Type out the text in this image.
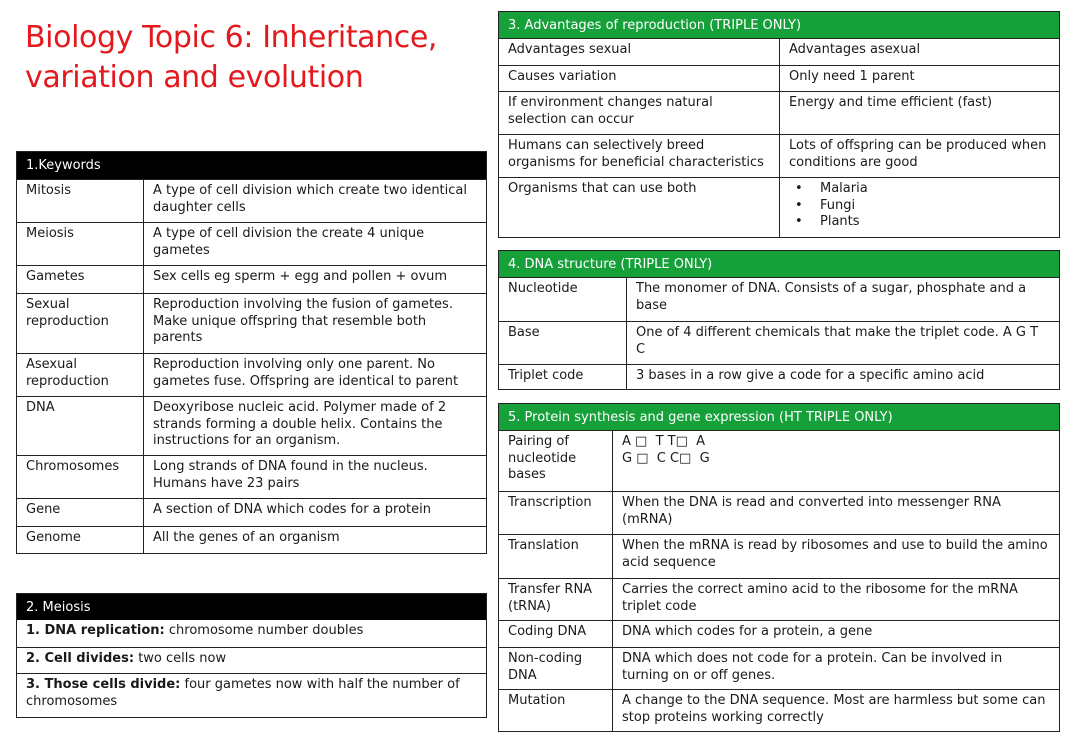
Biology Topic 6: Inheritance,
variation and evolution
1.Keywords
Mitosis	A type of cell division which create two identical daughter cells
Meiosis	A type of cell division the create 4 unique gametes
Gametes	Sex cells eg sperm + egg and pollen + ovum
Sexual reproduction
Reproduction involving the fusion of gametes. Make unique offspring that resemble both parents
Asexual reproduction
Reproduction involving only one parent. No gametes fuse. Offspring are identical to parent
DNA	Deoxyribose nucleic acid. Polymer made of 2 strands forming a double helix. Contains the instructions for an organism.
Chromosomes	Long strands of DNA found in the nucleus. Humans have 23 pairs
Gene	A section of DNA which codes for a protein
Genome	All the genes of an organism
2. Meiosis
1. DNA replication: chromosome number doubles
2. Cell divides: two cells now
3. Those cells divide: four gametes now with half the number of chromosomes
3. Advantages of reproduction (TRIPLE ONLY)
Advantages sexual	Advantages asexual
Causes variation	Only need 1 parent
If environment changes natural selection can occur
Energy and time efficient (fast)
Humans can selectively breed organisms for beneficial characteristics
Lots of offspring can be produced when conditions are good
Organisms that can use both
•	Malaria
• Fungi
• Plants
4. DNA structure (TRIPLE ONLY)
Nucleotide	The monomer of DNA. Consists of a sugar, phosphate and a base
Base	One of 4 different chemicals that make the triplet code. A G T C
Triplet code	3 bases in a row give a code for a specific amino acid
5. Protein synthesis and gene expression (HT TRIPLE ONLY)
Pairing of nucleotide bases
A □  T T□  A
G □  C C□  G
Transcription	When the DNA is read and converted into messenger RNA (mRNA)
Translation	When the mRNA is read by ribosomes and use to build the amino acid sequence
Transfer RNA (tRNA)
Carries the correct amino acid to the ribosome for the mRNA triplet code
Coding DNA	DNA which codes for a protein, a gene
Non-coding DNA
DNA which does not code for a protein. Can be involved in turning on or off genes.
Mutation	A change to the DNA sequence. Most are harmless but some can stop proteins working correctly
